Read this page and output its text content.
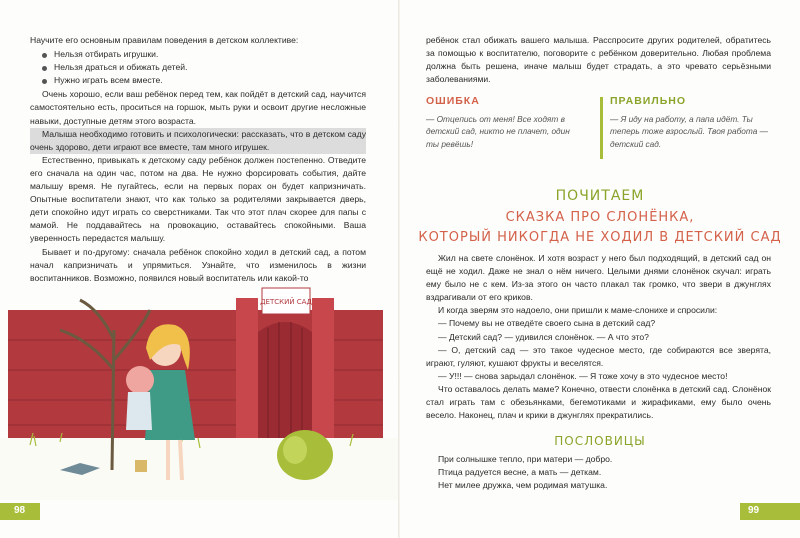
Научите его основным правилам поведения в детском коллективе:

Нельзя отбирать игрушки.
Нельзя драться и обижать детей.
Нужно играть всем вместе.

Очень хорошо, если ваш ребёнок перед тем, как пойдёт в детский сад, научится самостоятельно есть, проситься на горшок, мыть руки и освоит другие несложные навыки, доступные детям этого возраста.

Малыша необходимо готовить и психологически: рассказать, что в детском саду очень здорово, дети играют все вместе, там много игрушек.

Естественно, привыкать к детскому саду ребёнок должен постепенно. Отведите его сначала на один час, потом на два. Не нужно форсировать события, дайте малышу время. Не пугайтесь, если на первых порах он будет капризничать. Опытные воспитатели знают, что как только за родителями закрывается дверь, дети спокойно идут играть со сверстниками. Так что этот плач скорее для папы с мамой. Не поддавайтесь на провокацию, оставайтесь спокойными. Ваша уверенность передастся малышу.

Бывает и по-другому: сначала ребёнок спокойно ходил в детский сад, а потом начал капризничать и упрямиться. Узнайте, что изменилось в жизни воспитанников. Возможно, появился новый воспитатель или какой-то

ДЕТСКИЙ САД
98

ребёнок стал обижать вашего малыша. Расспросите других родителей, обратитесь за помощью к воспитателю, поговорите с ребёнком доверительно. Любая проблема должна быть решена, иначе малыш будет страдать, а это чревато серьёзными заболеваниями.

ОШИБКА
— Отцепись от меня! Все ходят в детский сад, никто не плачет, один ты ревёшь!
ПРАВИЛЬНО
— Я иду на работу, а папа идёт. Ты теперь тоже взрослый. Твоя работа — детский сад.
ПОЧИТАЕМ
СКАЗКА ПРО СЛОНЁНКА,
КОТОРЫЙ НИКОГДА НЕ ХОДИЛ В ДЕТСКИЙ САД

Жил на свете слонёнок. И хотя возраст у него был подходящий, в детский сад он ещё не ходил. Даже не знал о нём ничего. Целыми днями слонёнок скучал: играть ему было не с кем. Из-за этого он часто плакал так громко, что звери в джунглях вздрагивали от его криков.

И когда зверям это надоело, они пришли к маме-слонихе и спросили:

— Почему вы не отведёте своего сына в детский сад?

— Детский сад? — удивился слонёнок. — А что это?

— О, детский сад — это такое чудесное место, где собираются все зверята, играют, гуляют, кушают фрукты и веселятся.

— У!!! — снова зарыдал слонёнок. — Я тоже хочу в это чудесное место!

Что оставалось делать маме? Конечно, отвести слонёнка в детский сад. Слонёнок стал играть там с обезьянками, бегемотиками и жирафиками, ему было очень весело. Наконец, плач и крики в джунглях прекратились.

ПОСЛОВИЦЫ
При солнышке тепло, при матери — добро.
Птица радуется весне, а мать — деткам.
Нет милее дружка, чем родимая матушка.
99
